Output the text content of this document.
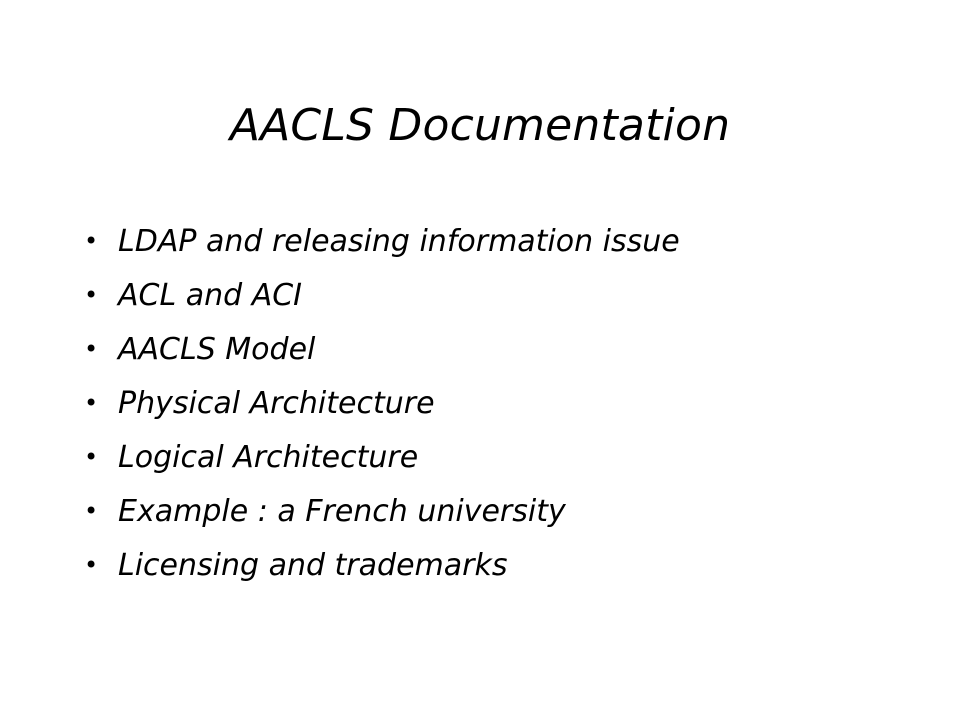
AACLS Documentation
• LDAP and releasing information issue
• ACL and ACI
• AACLS Model
• Physical Architecture
• Logical Architecture
• Example : a French university
• Licensing and trademarks
